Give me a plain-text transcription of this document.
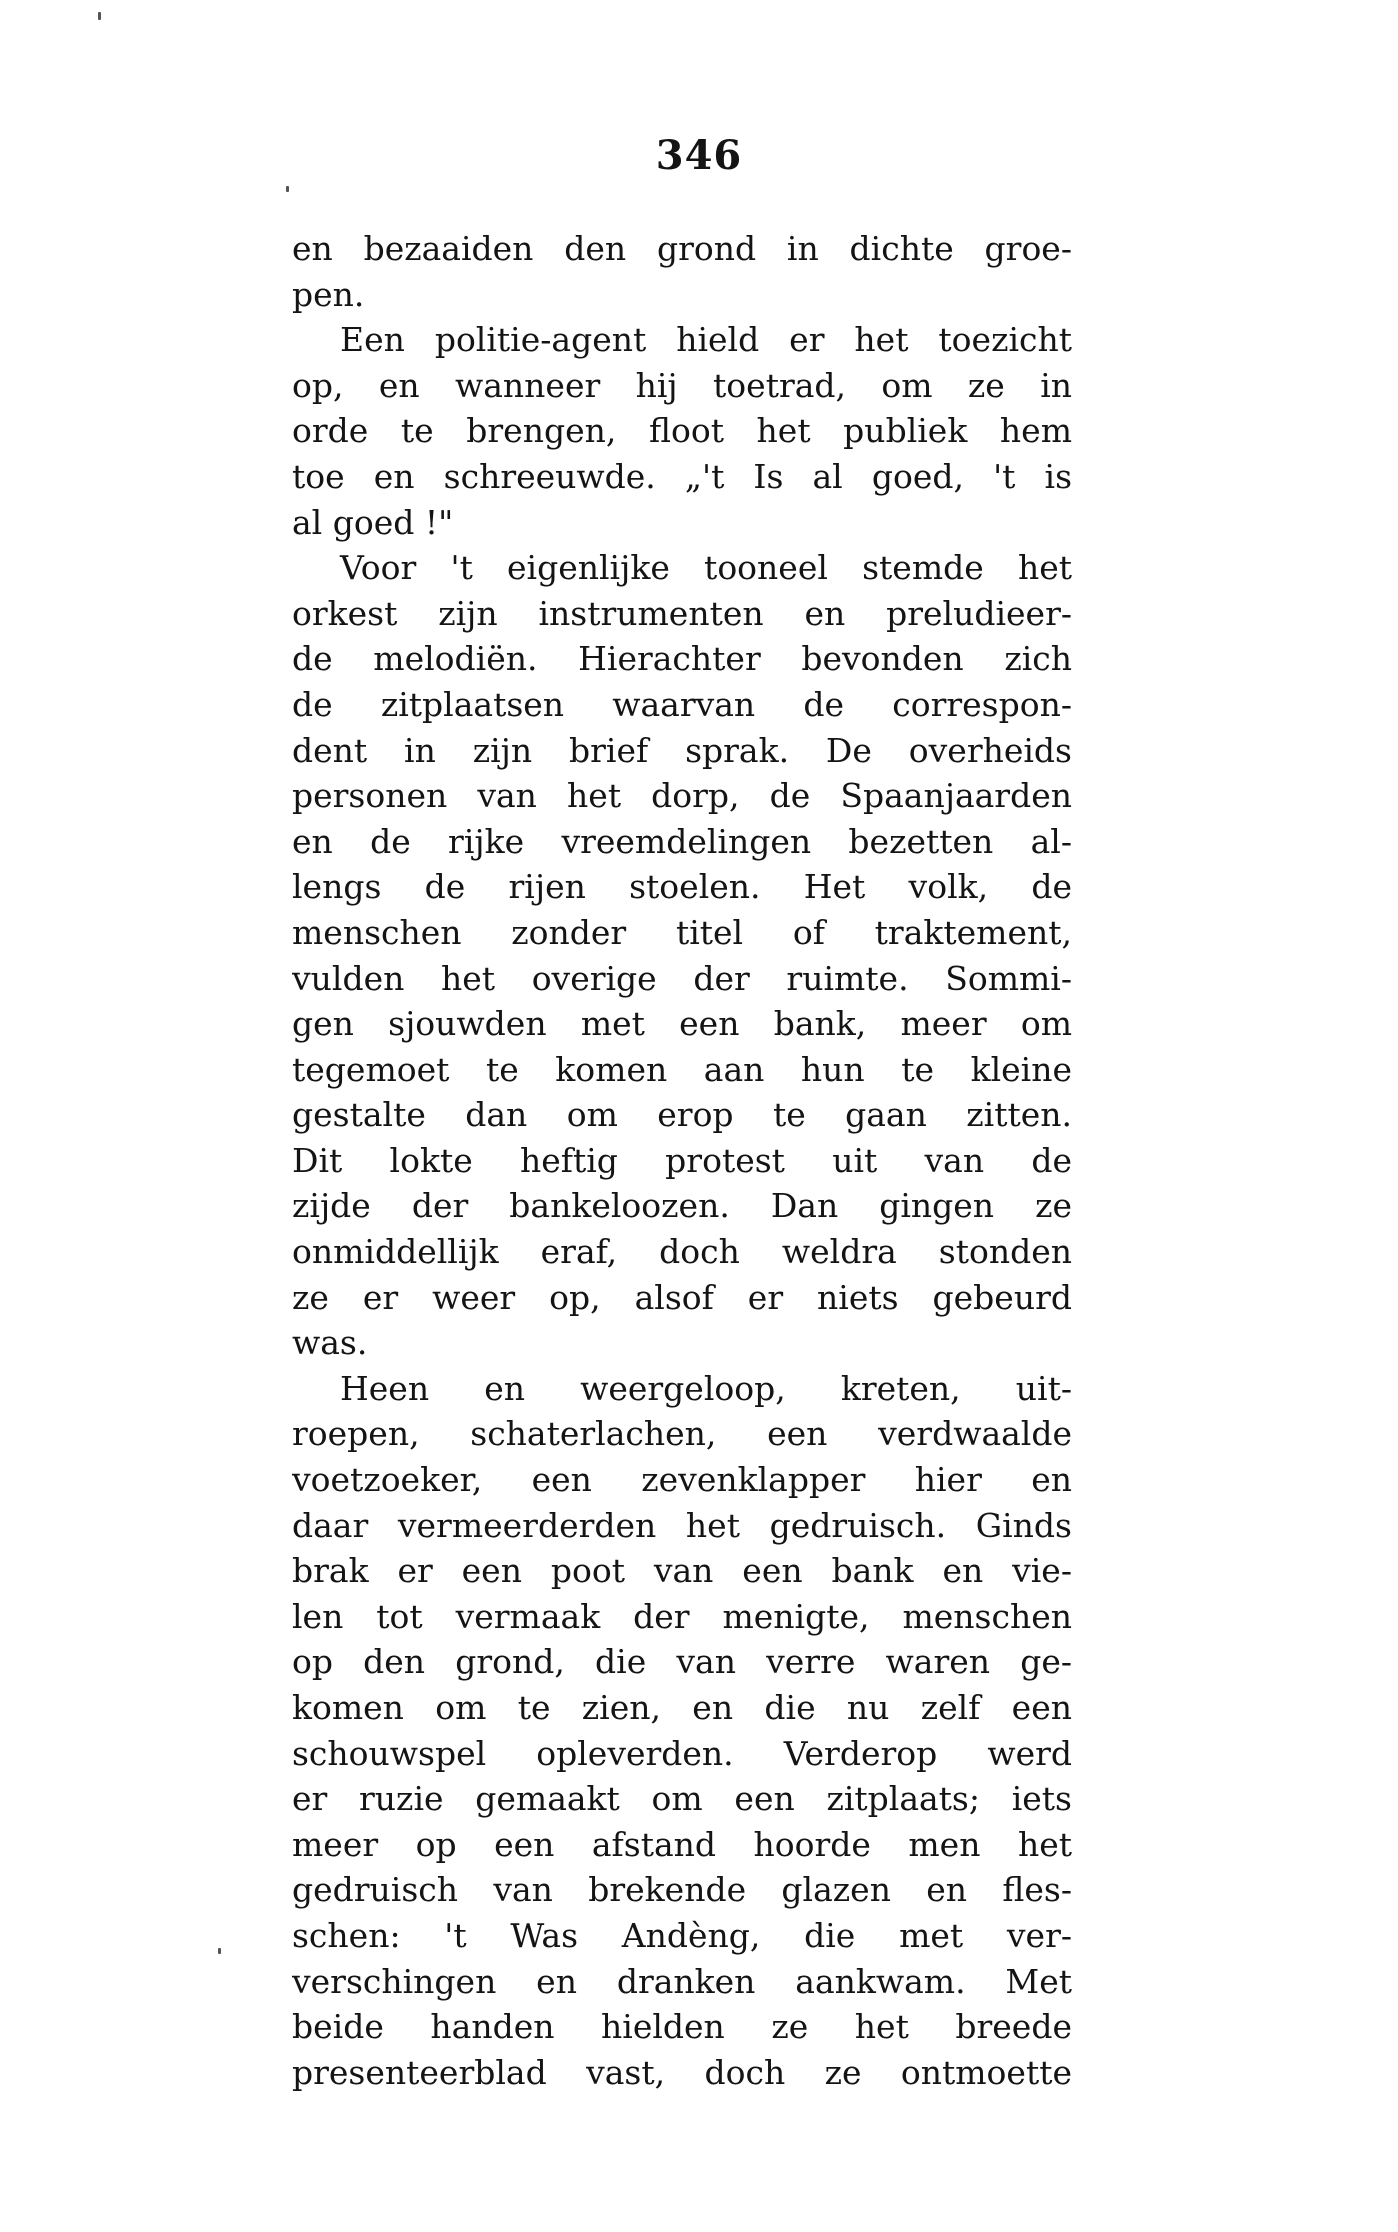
346
en bezaaiden den grond in dichte groe-
pen.
Een politie-agent hield er het toezicht
op, en wanneer hij toetrad, om ze in
orde te brengen, floot het publiek hem
toe en schreeuwde. „'t Is al goed, 't is
al goed !"
Voor 't eigenlijke tooneel stemde het
orkest zijn instrumenten en preludieer-
de melodiën. Hierachter bevonden zich
de zitplaatsen waarvan de correspon-
dent in zijn brief sprak. De overheids
personen van het dorp, de Spaanjaarden
en de rijke vreemdelingen bezetten al-
lengs de rijen stoelen. Het volk, de
menschen zonder titel of traktement,
vulden het overige der ruimte. Sommi-
gen sjouwden met een bank, meer om
tegemoet te komen aan hun te kleine
gestalte dan om erop te gaan zitten.
Dit lokte heftig protest uit van de
zijde der bankeloozen. Dan gingen ze
onmiddellijk eraf, doch weldra stonden
ze er weer op, alsof er niets gebeurd
was.
Heen en weergeloop, kreten, uit-
roepen, schaterlachen, een verdwaalde
voetzoeker, een zevenklapper hier en
daar vermeerderden het gedruisch. Ginds
brak er een poot van een bank en vie-
len tot vermaak der menigte, menschen
op den grond, die van verre waren ge-
komen om te zien, en die nu zelf een
schouwspel opleverden. Verderop werd
er ruzie gemaakt om een zitplaats; iets
meer op een afstand hoorde men het
gedruisch van brekende glazen en fles-
schen: 't Was Andèng, die met ver-
verschingen en dranken aankwam. Met
beide handen hielden ze het breede
presenteerblad vast, doch ze ontmoette
